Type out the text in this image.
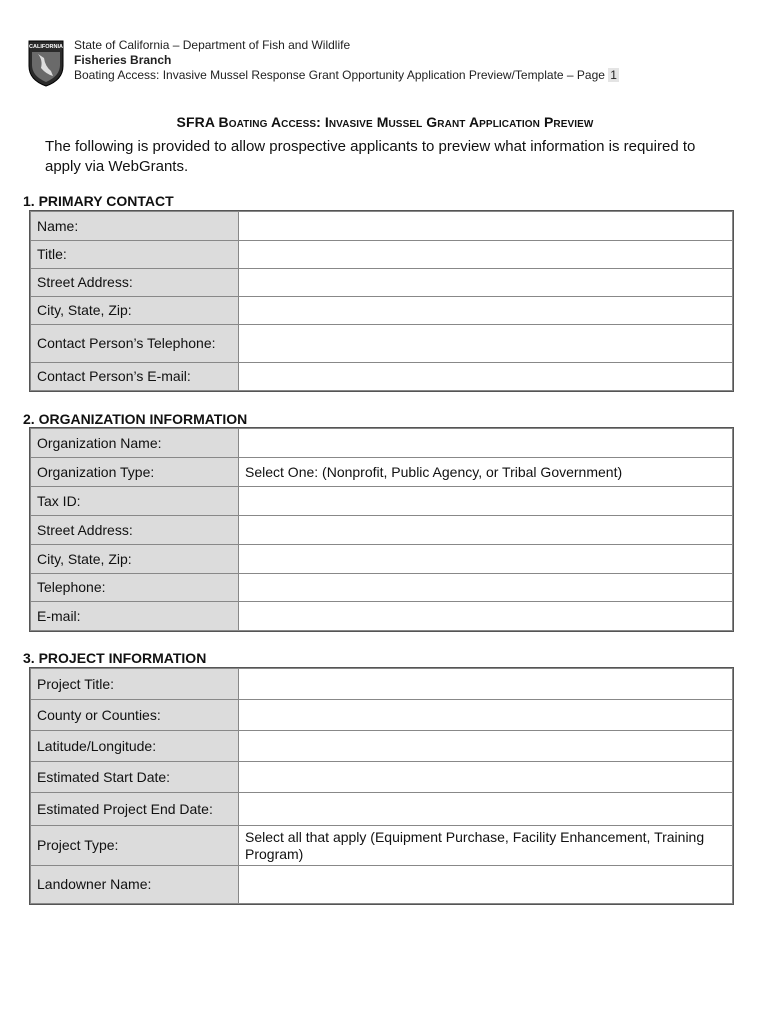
CALIFORNIA State of California – Department of Fish and Wildlife
Fisheries Branch
Boating Access: Invasive Mussel Response Grant Opportunity Application Preview/Template – Page 1
SFRA Boating Access: Invasive Mussel Grant Application Preview
The following is provided to allow prospective applicants to preview what information is required to apply via WebGrants.
1. PRIMARY CONTACT
Name:	
Title:	
Street Address:	
City, State, Zip:	
Contact Person’s Telephone:	
Contact Person’s E-mail:	
2. ORGANIZATION INFORMATION
Organization Name:	
Organization Type:	Select One: (Nonprofit, Public Agency, or Tribal Government)
Tax ID:	
Street Address:	
City, State, Zip:	
Telephone:	
E-mail:	
3. PROJECT INFORMATION
Project Title:	
County or Counties:	
Latitude/Longitude:	
Estimated Start Date:	
Estimated Project End Date:	
Project Type:	Select all that apply (Equipment Purchase, Facility Enhancement, Training Program)
Landowner Name:	
